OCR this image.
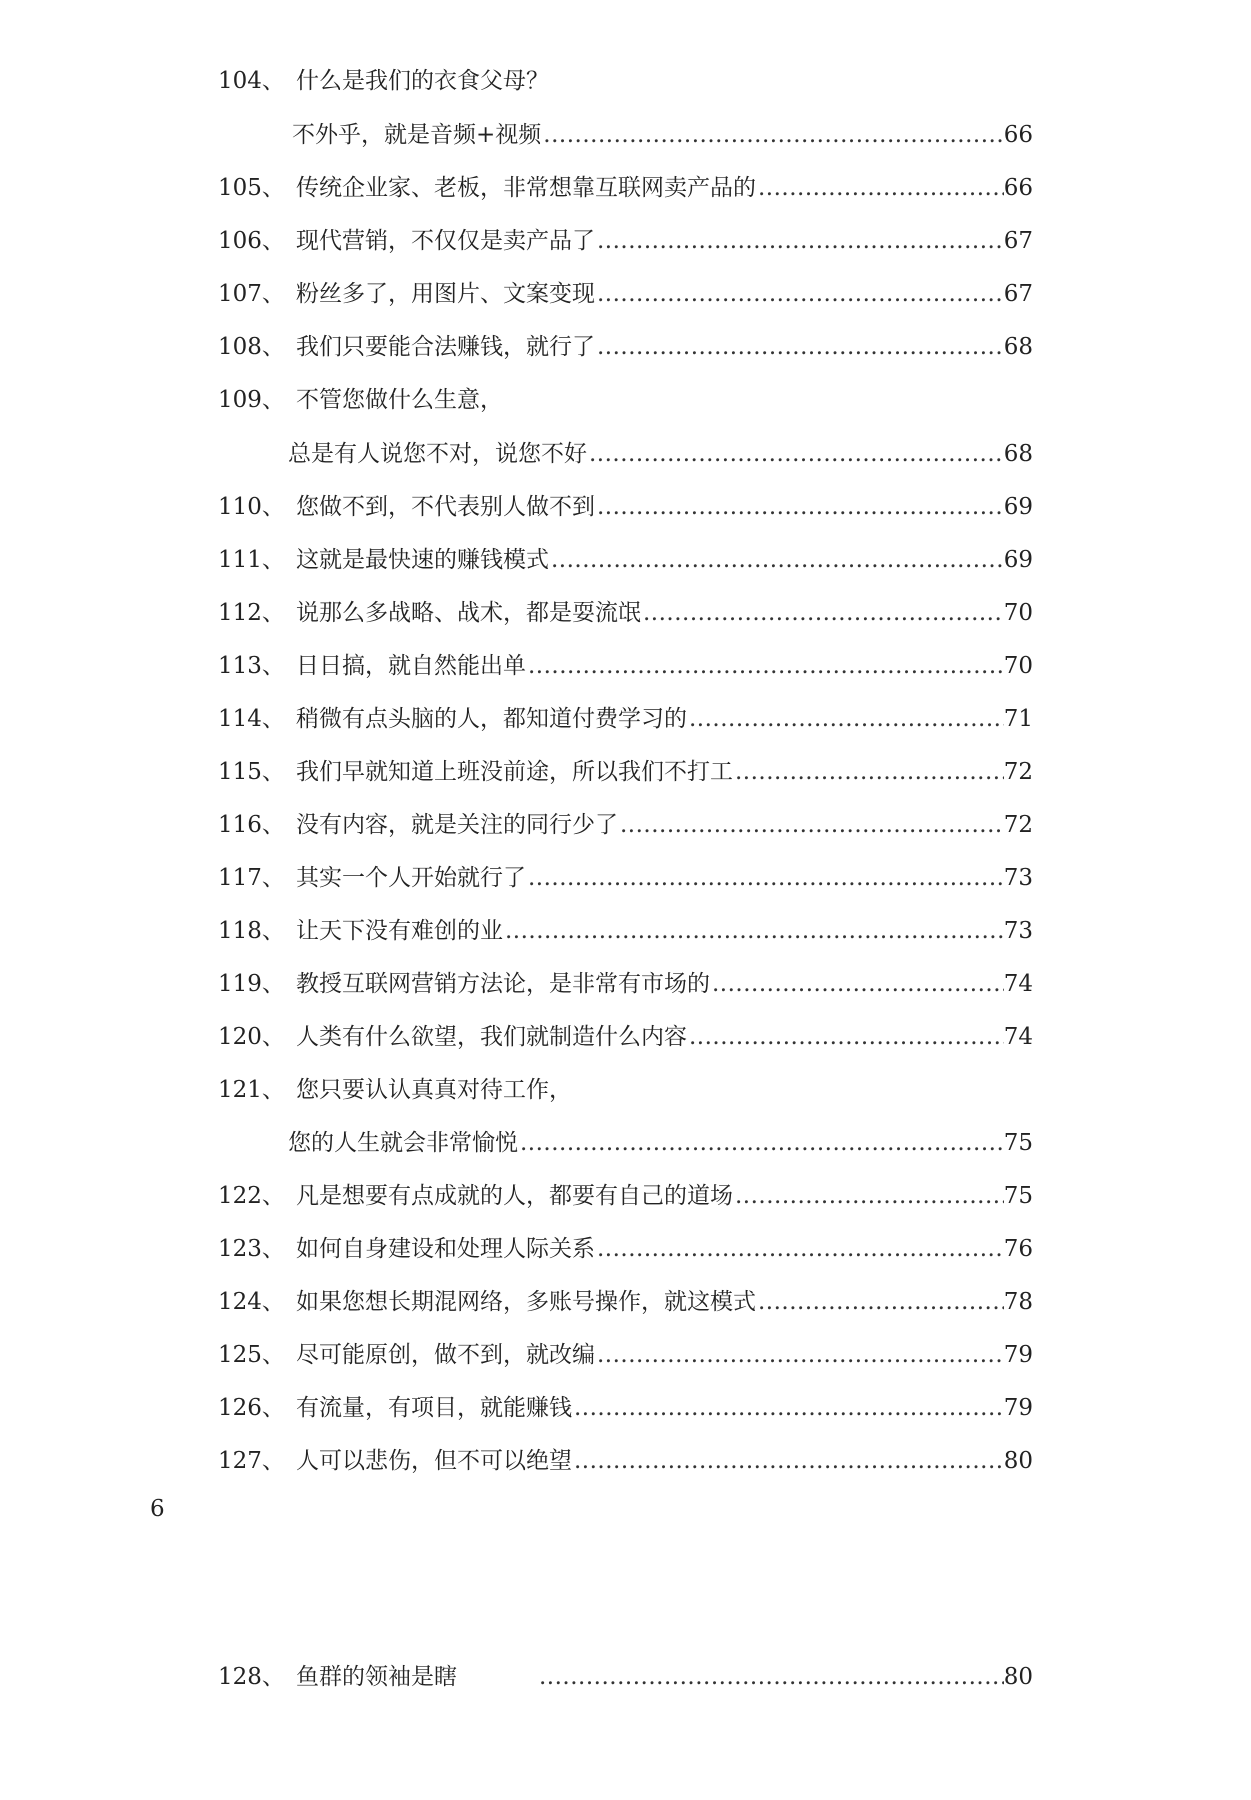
104、 什么是我们的衣食父母？
不外乎，就是音频+视频 .....	66
105、 传统企业家、老板，非常想靠互联网卖产品的 .....	66
106、 现代营销，不仅仅是卖产品了 .....	67
107、 粉丝多了，用图片、文案变现 .....	67
108、 我们只要能合法赚钱，就行了 .....	68
109、 不管您做什么生意，
总是有人说您不对，说您不好 .....	68
110、 您做不到，不代表别人做不到 .....	69
111、 这就是最快速的赚钱模式 .....	69
112、 说那么多战略、战术，都是耍流氓 .....	70
113、 日日搞，就自然能出单 .....	70
114、 稍微有点头脑的人，都知道付费学习的 .....	71
115、 我们早就知道上班没前途，所以我们不打工 .....	72
116、 没有内容，就是关注的同行少了 .....	72
117、 其实一个人开始就行了 .....	73
118、 让天下没有难创的业 .....	73
119、 教授互联网营销方法论，是非常有市场的 .....	74
120、 人类有什么欲望，我们就制造什么内容 .....	74
121、 您只要认认真真对待工作，
您的人生就会非常愉悦 .....	75
122、 凡是想要有点成就的人，都要有自己的道场 .....	75
123、 如何自身建设和处理人际关系 .....	76
124、 如果您想长期混网络，多账号操作，就这模式 .....	78
125、 尽可能原创，做不到，就改编 .....	79
126、 有流量，有项目，就能赚钱 .....	79
127、 人可以悲伤，但不可以绝望 .....	80
6
128、 鱼群的领袖是瞎 .....	80
